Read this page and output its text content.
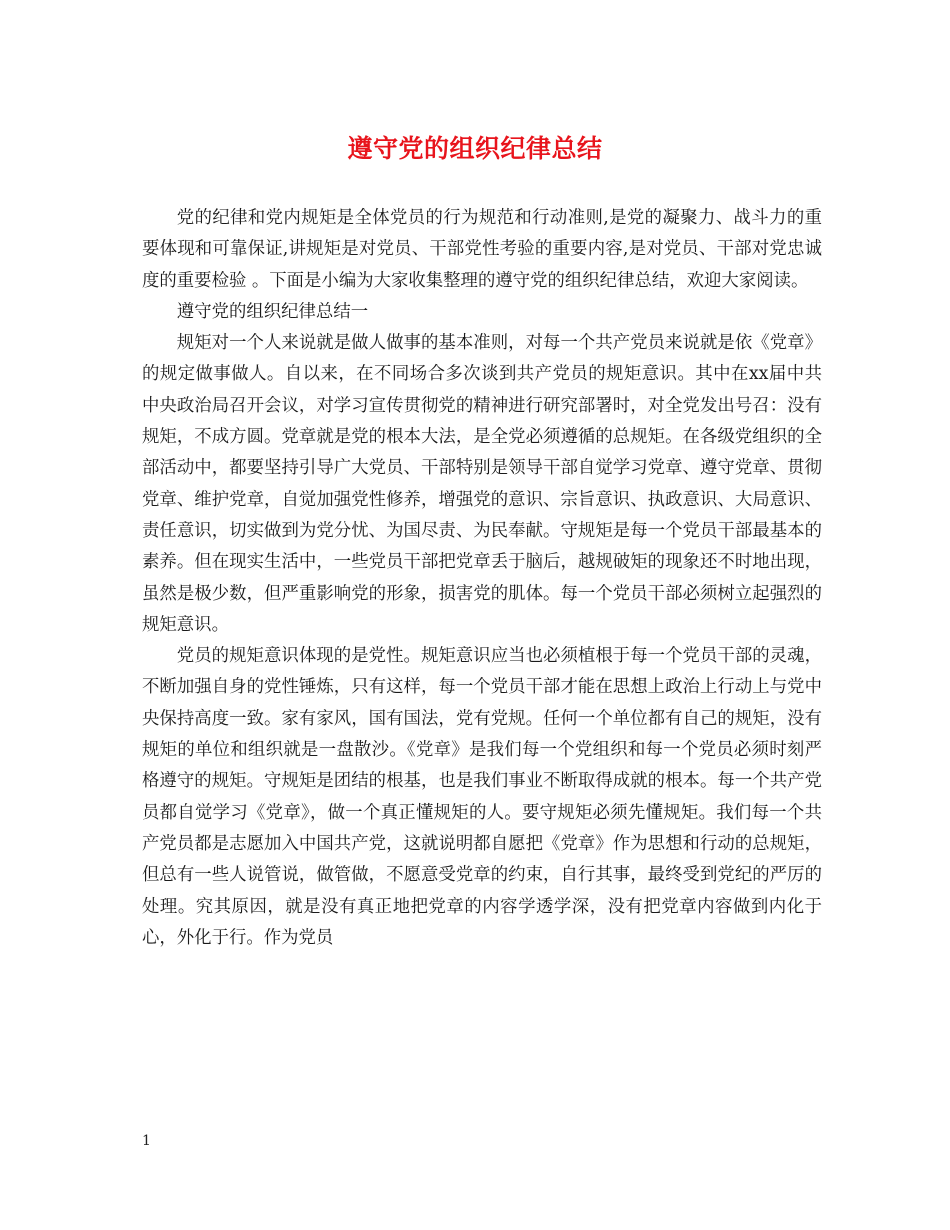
遵守党的组织纪律总结

党的纪律和党内规矩是全体党员的行为规范和行动准则,是党的凝聚力、战斗力的重要体现和可靠保证,讲规矩是对党员、干部党性考验的重要内容,是对党员、干部对党忠诚度的重要检验 。下面是小编为大家收集整理的遵守党的组织纪律总结，欢迎大家阅读。

遵守党的组织纪律总结一

规矩对一个人来说就是做人做事的基本准则，对每一个共产党员来说就是依《党章》的规定做事做人。自以来，在不同场合多次谈到共产党员的规矩意识。其中在xx届中共中央政治局召开会议，对学习宣传贯彻党的精神进行研究部署时，对全党发出号召：没有规矩，不成方圆。党章就是党的根本大法，是全党必须遵循的总规矩。在各级党组织的全部活动中，都要坚持引导广大党员、干部特别是领导干部自觉学习党章、遵守党章、贯彻党章、维护党章，自觉加强党性修养，增强党的意识、宗旨意识、执政意识、大局意识、责任意识，切实做到为党分忧、为国尽责、为民奉献。守规矩是每一个党员干部最基本的素养。但在现实生活中，一些党员干部把党章丢于脑后，越规破矩的现象还不时地出现，虽然是极少数，但严重影响党的形象，损害党的肌体。每一个党员干部必须树立起强烈的规矩意识。

党员的规矩意识体现的是党性。规矩意识应当也必须植根于每一个党员干部的灵魂，不断加强自身的党性锤炼，只有这样，每一个党员干部才能在思想上政治上行动上与党中央保持高度一致。家有家风，国有国法，党有党规。任何一个单位都有自己的规矩，没有规矩的单位和组织就是一盘散沙。《党章》是我们每一个党组织和每一个党员必须时刻严格遵守的规矩。守规矩是团结的根基，也是我们事业不断取得成就的根本。每一个共产党员都自觉学习《党章》，做一个真正懂规矩的人。要守规矩必须先懂规矩。我们每一个共产党员都是志愿加入中国共产党，这就说明都自愿把《党章》作为思想和行动的总规矩，但总有一些人说管说，做管做，不愿意受党章的约束，自行其事，最终受到党纪的严厉的处理。究其原因，就是没有真正地把党章的内容学透学深，没有把党章内容做到内化于心，外化于行。作为党员

1
